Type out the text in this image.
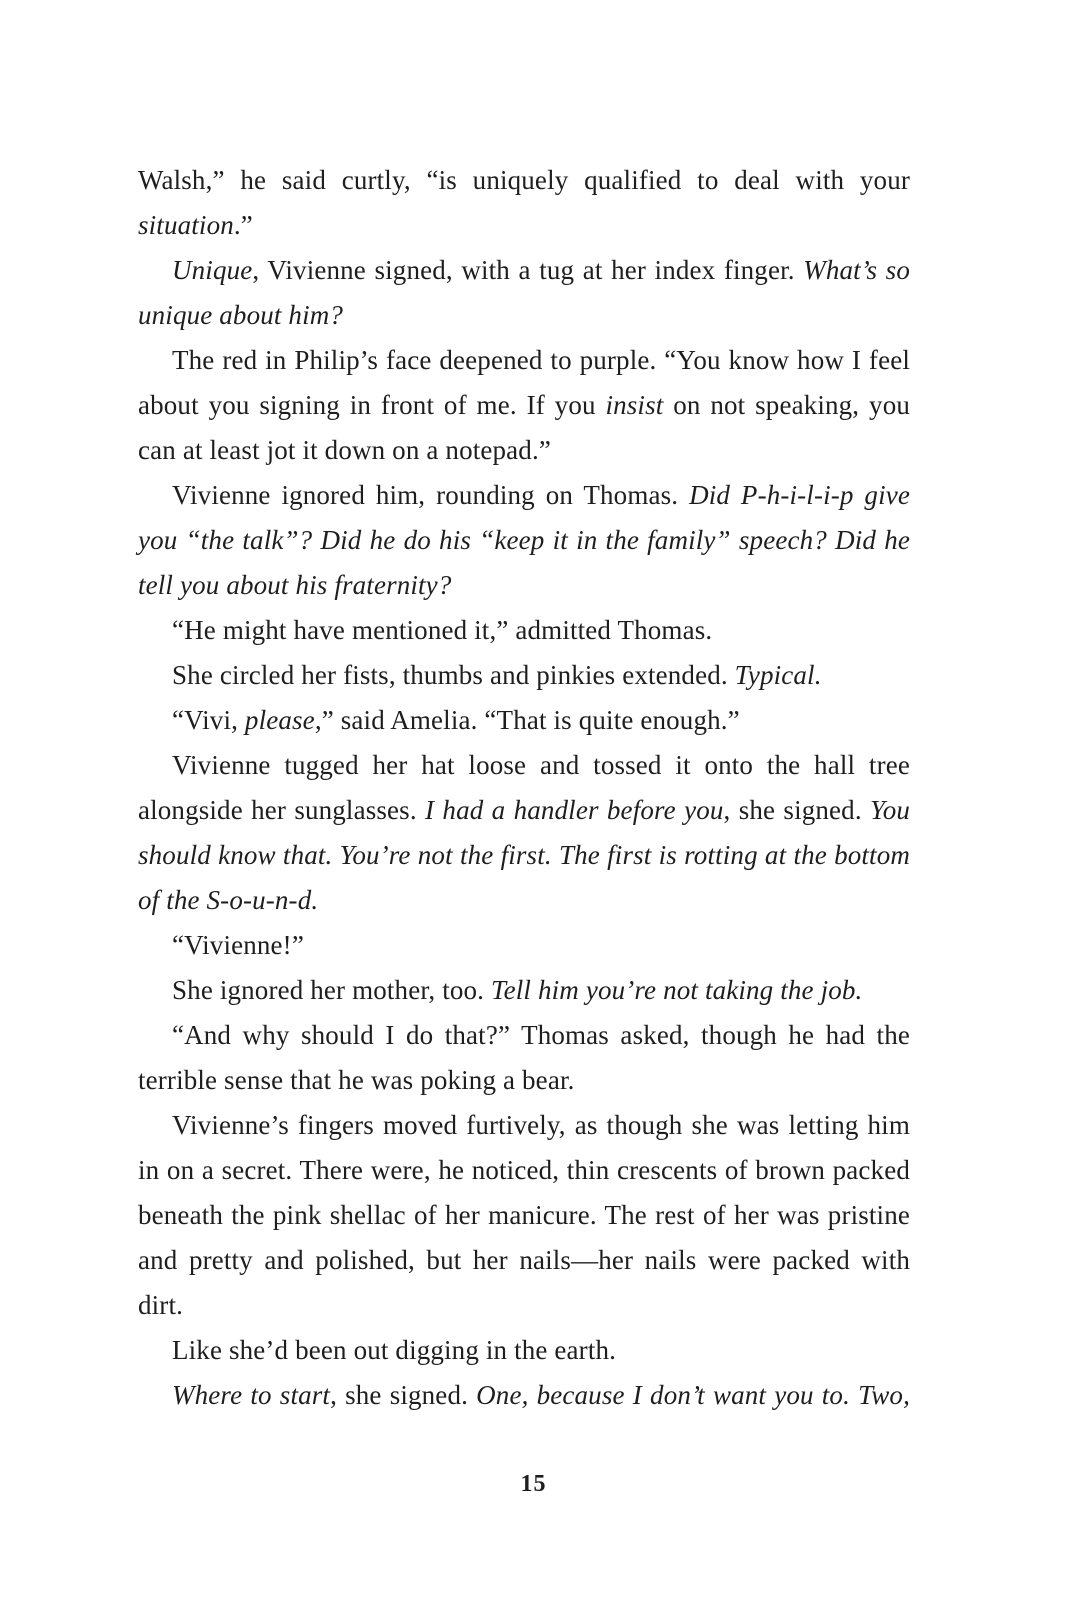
Walsh,” he said curtly, “is uniquely qualified to deal with your situation.”

Unique, Vivienne signed, with a tug at her index finger. What’s so unique about him?

The red in Philip’s face deepened to purple. “You know how I feel about you signing in front of me. If you insist on not speaking, you can at least jot it down on a notepad.”

Vivienne ignored him, rounding on Thomas. Did P-h-i-l-i-p give you “the talk”? Did he do his “keep it in the family” speech? Did he tell you about his fraternity?

“He might have mentioned it,” admitted Thomas.

She circled her fists, thumbs and pinkies extended. Typical.

“Vivi, please,” said Amelia. “That is quite enough.”

Vivienne tugged her hat loose and tossed it onto the hall tree alongside her sunglasses. I had a handler before you, she signed. You should know that. You’re not the first. The first is rotting at the bottom of the S-o-u-n-d.

“Vivienne!”

She ignored her mother, too. Tell him you’re not taking the job.

“And why should I do that?” Thomas asked, though he had the terrible sense that he was poking a bear.

Vivienne’s fingers moved furtively, as though she was letting him in on a secret. There were, he noticed, thin crescents of brown packed beneath the pink shellac of her manicure. The rest of her was pristine and pretty and polished, but her nails—her nails were packed with dirt.

Like she’d been out digging in the earth.

Where to start, she signed. One, because I don’t want you to. Two,

15
